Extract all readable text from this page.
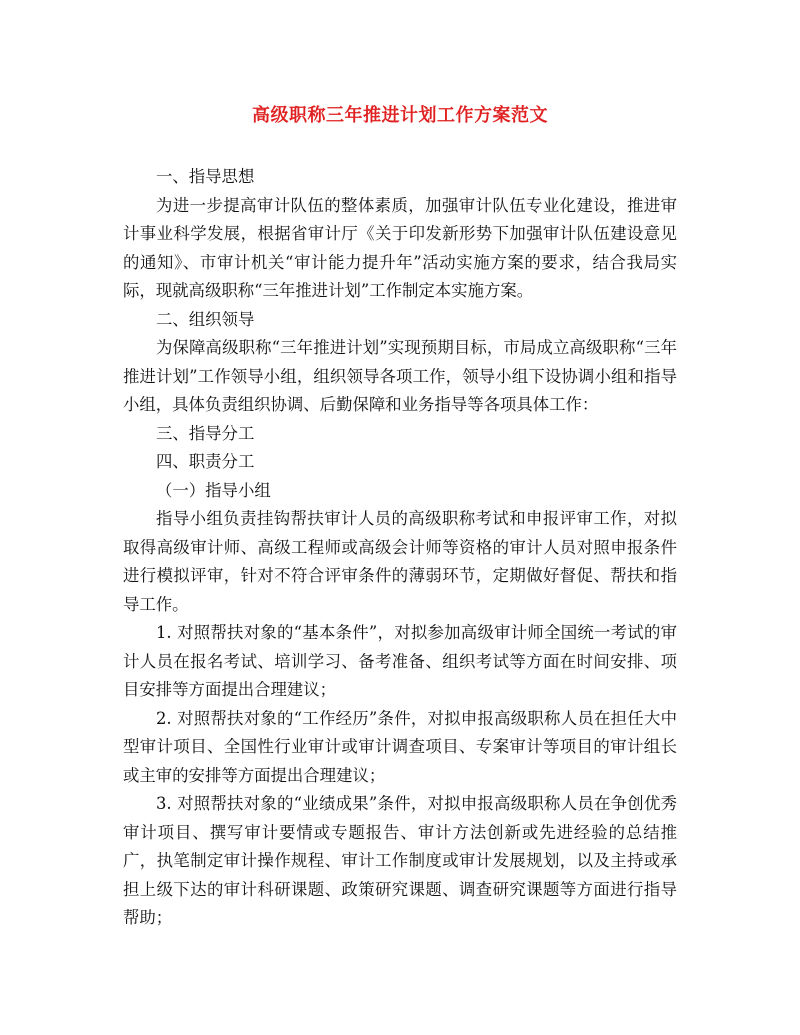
高级职称三年推进计划工作方案范文

一、指导思想

为进一步提高审计队伍的整体素质，加强审计队伍专业化建设，推进审计事业科学发展，根据省审计厅《关于印发新形势下加强审计队伍建设意见的通知》、市审计机关“审计能力提升年”活动实施方案的要求，结合我局实际，现就高级职称“三年推进计划”工作制定本实施方案。

二、组织领导

为保障高级职称“三年推进计划”实现预期目标，市局成立高级职称“三年推进计划”工作领导小组，组织领导各项工作，领导小组下设协调小组和指导小组，具体负责组织协调、后勤保障和业务指导等各项具体工作：

三、指导分工

四、职责分工

（一）指导小组

指导小组负责挂钩帮扶审计人员的高级职称考试和申报评审工作，对拟取得高级审计师、高级工程师或高级会计师等资格的审计人员对照申报条件进行模拟评审，针对不符合评审条件的薄弱环节，定期做好督促、帮扶和指导工作。

1. 对照帮扶对象的“基本条件”，对拟参加高级审计师全国统一考试的审计人员在报名考试、培训学习、备考准备、组织考试等方面在时间安排、项目安排等方面提出合理建议；

2. 对照帮扶对象的“工作经历”条件，对拟申报高级职称人员在担任大中型审计项目、全国性行业审计或审计调查项目、专案审计等项目的审计组长或主审的安排等方面提出合理建议；

3. 对照帮扶对象的“业绩成果”条件，对拟申报高级职称人员在争创优秀审计项目、撰写审计要情或专题报告、审计方法创新或先进经验的总结推广，执笔制定审计操作规程、审计工作制度或审计发展规划，以及主持或承担上级下达的审计科研课题、政策研究课题、调查研究课题等方面进行指导帮助；
